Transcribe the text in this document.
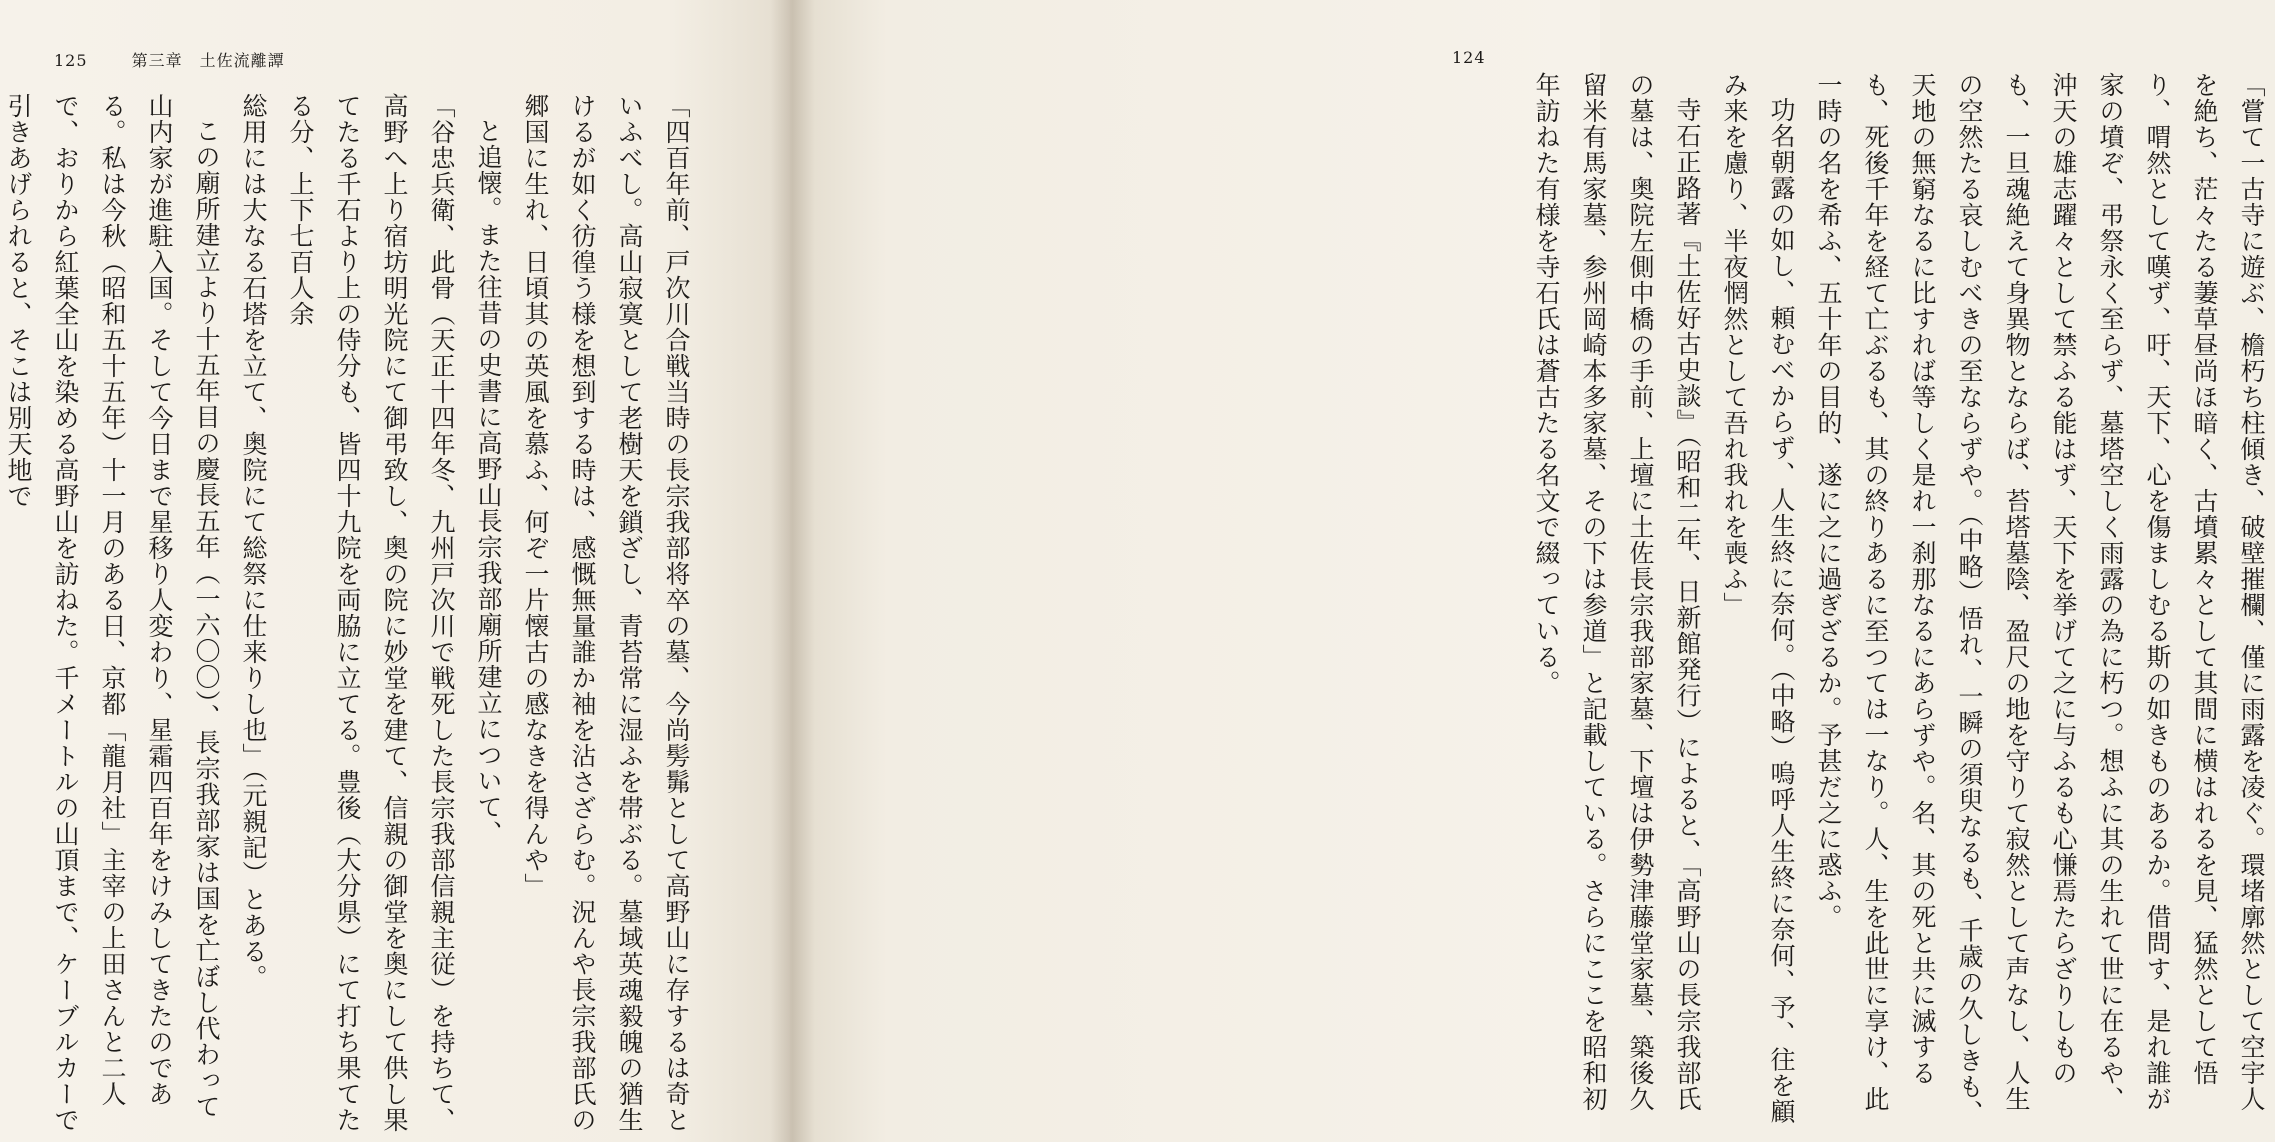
125	第三章　土佐流離譚

「四百年前、戸次川合戦当時の長宗我部将卒の墓、今尚髣髴として高野山に存するは奇といふべし。高山寂寞として老樹天を鎖ざし、青苔常に湿ふを帯ぶる。墓域英魂毅魄の猶生けるが如く彷徨う様を想到する時は、感慨無量誰か袖を沾さざらむ。況んや長宗我部氏の郷国に生れ、日頃其の英風を慕ふ、何ぞ一片懐古の感なきを得んや」

と追懐。また往昔の史書に高野山長宗我部廟所建立について、

「谷忠兵衛、此骨（天正十四年冬、九州戸次川で戦死した長宗我部信親主従）を持ちて、高野へ上り宿坊明光院にて御弔致し、奥の院に妙堂を建て、信親の御堂を奥にして供し果てたる千石より上の侍分も、皆四十九院を両脇に立てる。豊後（大分県）にて打ち果てたる分、上下七百人余

総用には大なる石塔を立て、奥院にて総祭に仕来りし也」（元親記）とある。

この廟所建立より十五年目の慶長五年（一六〇〇）、長宗我部家は国を亡ぼし代わって山内家が進駐入国。そして今日まで星移り人変わり、星霜四百年をけみしてきたのである。私は今秋（昭和五十五年）十一月のある日、京都「龍月社」主宰の上田さんと二人で、おりから紅葉全山を染める高野山を訪ねた。千メートルの山頂まで、ケーブルカーで引きあげられると、そこは別天地で	「嘗て一古寺に遊ぶ、檐朽ち柱傾き、破壁摧欄、僅に雨露を凌ぐ。環堵廓然として空宇人を絶ち、茫々たる萋草昼尚ほ暗く、古墳累々として其間に横はれるを見、猛然として悟り、喟然として嘆ず、吁、天下、心を傷ましむる斯の如きものあるか。借問す、是れ誰が家の墳ぞ、弔祭永く至らず、墓塔空しく雨露の為に朽つ。想ふに其の生れて世に在るや、沖天の雄志躍々として禁ふる能はず、天下を挙げて之に与ふるも心慊焉たらざりしものも、一旦魂絶えて身異物とならば、苔塔墓陰、盈尺の地を守りて寂然として声なし、人生の空然たる哀しむべきの至ならずや。（中略）悟れ、一瞬の須臾なるも、千歳の久しきも、天地の無窮なるに比すれば等しく是れ一刹那なるにあらずや。名、其の死と共に滅するも、死後千年を経て亡ぶるも、其の終りあるに至つては一なり。人、生を此世に享け、此一時の名を希ふ、五十年の目的、遂に之に過ぎざるか。予甚だ之に惑ふ。

功名朝露の如し、頼むべからず、人生終に奈何。（中略）嗚呼人生終に奈何、予、往を顧み来を慮り、半夜惘然として吾れ我れを喪ふ」

寺石正路著『土佐好古史談』（昭和二年、日新館発行）によると、「高野山の長宗我部氏の墓は、奥院左側中橋の手前、上壇に土佐長宗我部家墓、下壇は伊勢津藤堂家墓、築後久留米有馬家墓、参州岡崎本多家墓、その下は参道」と記載している。さらにここを昭和初年訪ねた有様を寺石氏は蒼古たる名文で綴っている。

124
